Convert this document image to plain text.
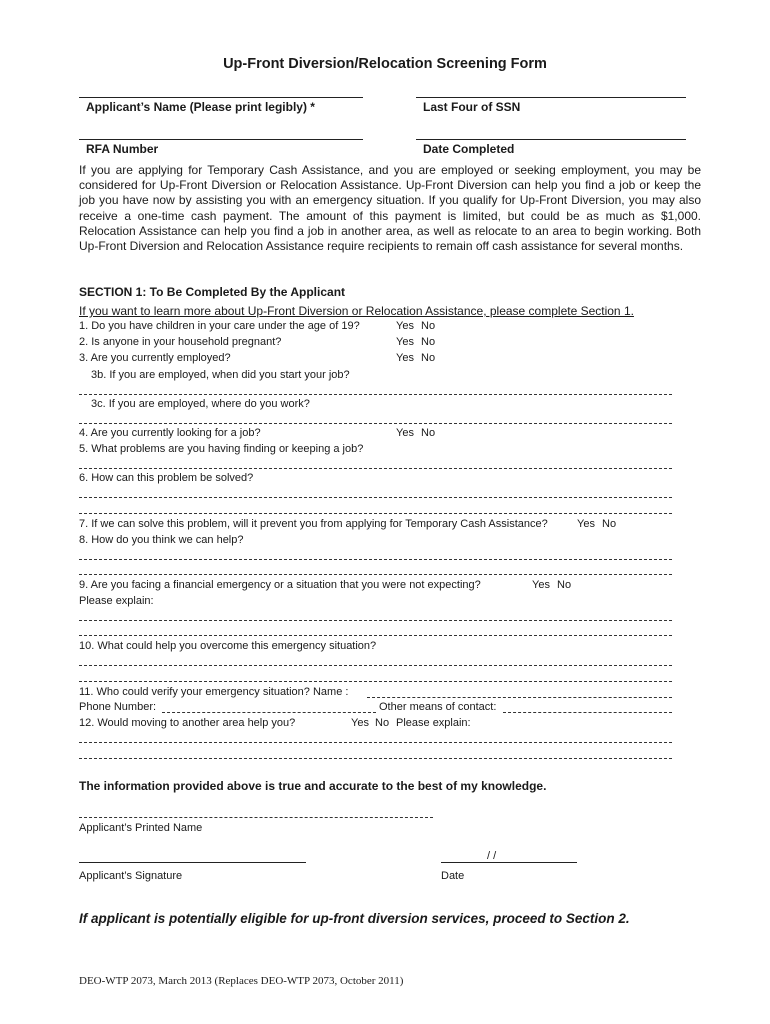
Up-Front Diversion/Relocation Screening Form
Applicant’s Name (Please print legibly) *	Last Four of SSN
RFA Number	Date Completed
If you are applying for Temporary Cash Assistance, and you are employed or seeking employment, you may be considered for Up-Front Diversion or Relocation Assistance. Up-Front Diversion can help you find a job or keep the job you have now by assisting you with an emergency situation. If you qualify for Up-Front Diversion, you may also receive a one-time cash payment. The amount of this payment is limited, but could be as much as $1,000. Relocation Assistance can help you find a job in another area, as well as relocate to an area to begin working. Both Up-Front Diversion and Relocation Assistance require recipients to remain off cash assistance for several months.
SECTION 1: To Be Completed By the Applicant
If you want to learn more about Up-Front Diversion or Relocation Assistance, please complete Section 1.
1. Do you have children in your care under the age of 19?	Yes No
2. Is anyone in your household pregnant?	Yes No
3. Are you currently employed?	Yes No
3b. If you are employed, when did you start your job?
3c. If you are employed, where do you work?
4. Are you currently looking for a job?	Yes No
5. What problems are you having finding or keeping a job?
6. How can this problem be solved?
7. If we can solve this problem, will it prevent you from applying for Temporary Cash Assistance?	Yes No
8. How do you think we can help?
9. Are you facing a financial emergency or a situation that you were not expecting?	Yes No
Please explain:
10. What could help you overcome this emergency situation?
11. Who could verify your emergency situation? Name :
Phone Number:	Other means of contact:
12. Would moving to another area help you?	Yes No Please explain:
The information provided above is true and accurate to the best of my knowledge.
Applicant’s Printed Name
Applicant’s Signature
/ /
Date
If applicant is potentially eligible for up-front diversion services, proceed to Section 2.
DEO-WTP 2073, March 2013 (Replaces DEO-WTP 2073, October 2011)
